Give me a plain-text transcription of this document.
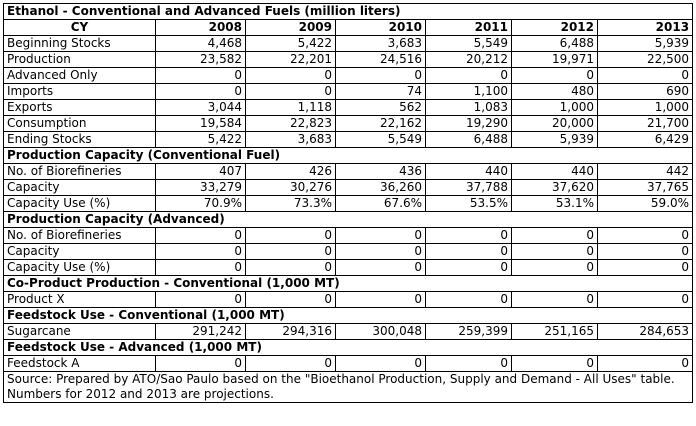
Ethanol - Conventional and Advanced Fuels (million liters)						
CY	2008	2009	2010	2011	2012	2013
Beginning Stocks	4,468	5,422	3,683	5,549	6,488	5,939
Production	23,582	22,201	24,516	20,212	19,971	22,500
Advanced Only	0	0	0	0	0	0
Imports	0	0	74	1,100	480	690
Exports	3,044	1,118	562	1,083	1,000	1,000
Consumption	19,584	22,823	22,162	19,290	20,000	21,700
Ending Stocks	5,422	3,683	5,549	6,488	5,939	6,429
Production Capacity (Conventional Fuel)						
No. of Biorefineries	407	426	436	440	440	442
Capacity	33,279	30,276	36,260	37,788	37,620	37,765
Capacity Use (%)	70.9%	73.3%	67.6%	53.5%	53.1%	59.0%
Production Capacity (Advanced)						
No. of Biorefineries	0	0	0	0	0	0
Capacity	0	0	0	0	0	0
Capacity Use (%)	0	0	0	0	0	0
Co-Product Production - Conventional (1,000 MT)						
Product X	0	0	0	0	0	0
Feedstock Use - Conventional (1,000 MT)						
Sugarcane	291,242	294,316	300,048	259,399	251,165	284,653
Feedstock Use - Advanced (1,000 MT)						
Feedstock A	0	0	0	0	0	0
Source: Prepared by ATO/Sao Paulo based on the "Bioethanol Production, Supply and Demand - All Uses" table. Numbers for 2012 and 2013 are projections.						
